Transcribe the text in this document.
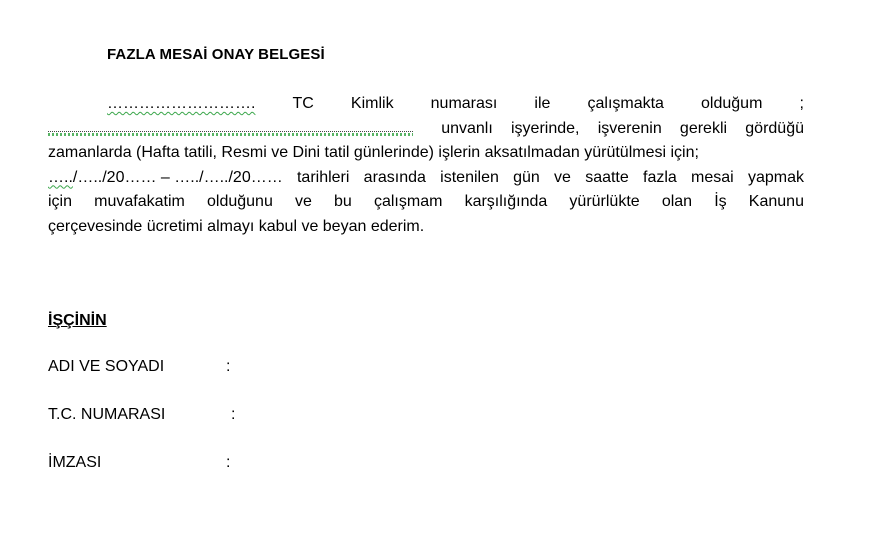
FAZLA MESAİ ONAY BELGESİ
………………………. TC Kimlik numarası ile çalışmakta olduğum ;
unvanlı işyerinde, işverenin gerekli gördüğü
zamanlarda (Hafta tatili, Resmi ve Dini tatil günlerinde) işlerin aksatılmadan yürütülmesi için;
…../…../20…… – …../…../20…… tarihleri arasında istenilen gün ve saatte fazla mesai yapmak
için muvafakatim olduğunu ve bu çalışmam karşılığında yürürlükte olan İş Kanunu
çerçevesinde ücretimi almayı kabul ve beyan ederim.
İŞÇİNİN
ADI VE SOYADI	:
T.C. NUMARASI	:
İMZASI	:
